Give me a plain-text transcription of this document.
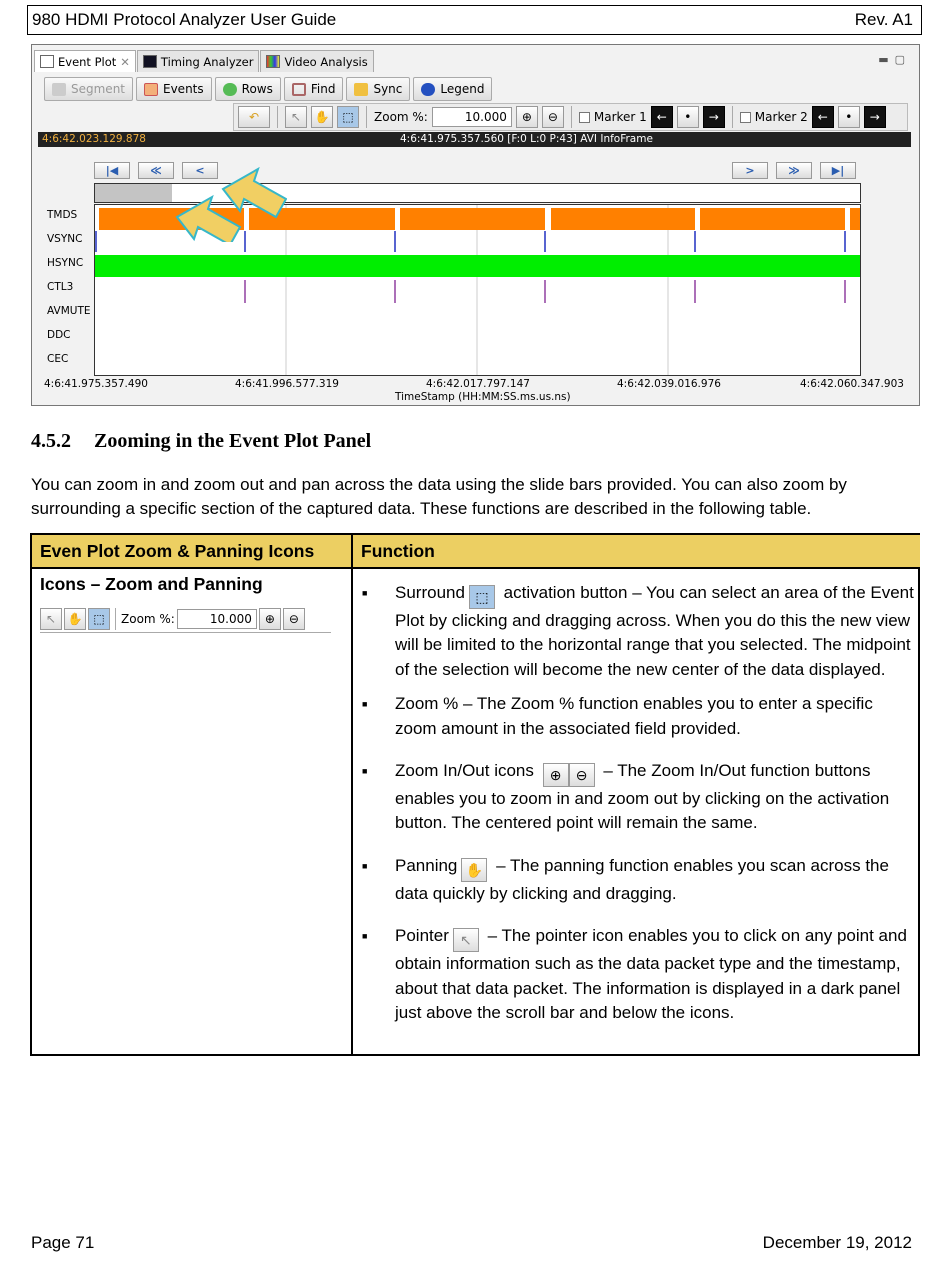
980 HDMI Protocol Analyzer User Guide	Rev. A1
Event Plot ✕	Timing Analyzer	Video Analysis	▬▢
Segment	Events	Rows	Find	Sync	Legend
↶	↖	✋	⬚	Zoom %:	10.000	⊕	⊖	Marker 1 ←	•	→	Marker 2 ←	•	→
4:6:42.023.129.878	4:6:41.975.357.560 [F:0 L:0 P:43] AVI InfoFrame
|◀	≪	<	>	≫	▶|
TMDS
VSYNC
HSYNC
CTL3
AVMUTE
DDC
CEC
4:6:41.975.357.490	4:6:41.996.577.319	4:6:42.017.797.147	4:6:42.039.016.976	4:6:42.060.347.903
TimeStamp (HH:MM:SS.ms.us.ns)
4.5.2 Zooming in the Event Plot Panel
You can zoom in and zoom out and pan across the data using the slide bars provided. You can also zoom by surrounding a specific section of the captured data. These functions are described in the following table.
Even Plot Zoom & Panning Icons	Function
Icons – Zoom and Panning
↖ ✋ ⬚	Zoom %:	10.000	⊕	⊖
■ Surround ⬚ activation button – You can select an area of the Event Plot by clicking and dragging across. When you do this the new view will be limited to the horizontal range that you selected. The midpoint of the selection will become the new center of the data displayed.
■ Zoom % – The Zoom % function enables you to enter a specific zoom amount in the associated field provided.
■ Zoom In/Out icons ⊕ ⊖ – The Zoom In/Out function buttons enables you to zoom in and zoom out by clicking on the activation button. The centered point will remain the same.
■ Panning ✋ – The panning function enables you scan across the data quickly by clicking and dragging.
■ Pointer ↖ – The pointer icon enables you to click on any point and obtain information such as the data packet type and the timestamp, about that data packet. The information is displayed in a dark panel just above the scroll bar and below the icons.
Page 71	December 19, 2012
